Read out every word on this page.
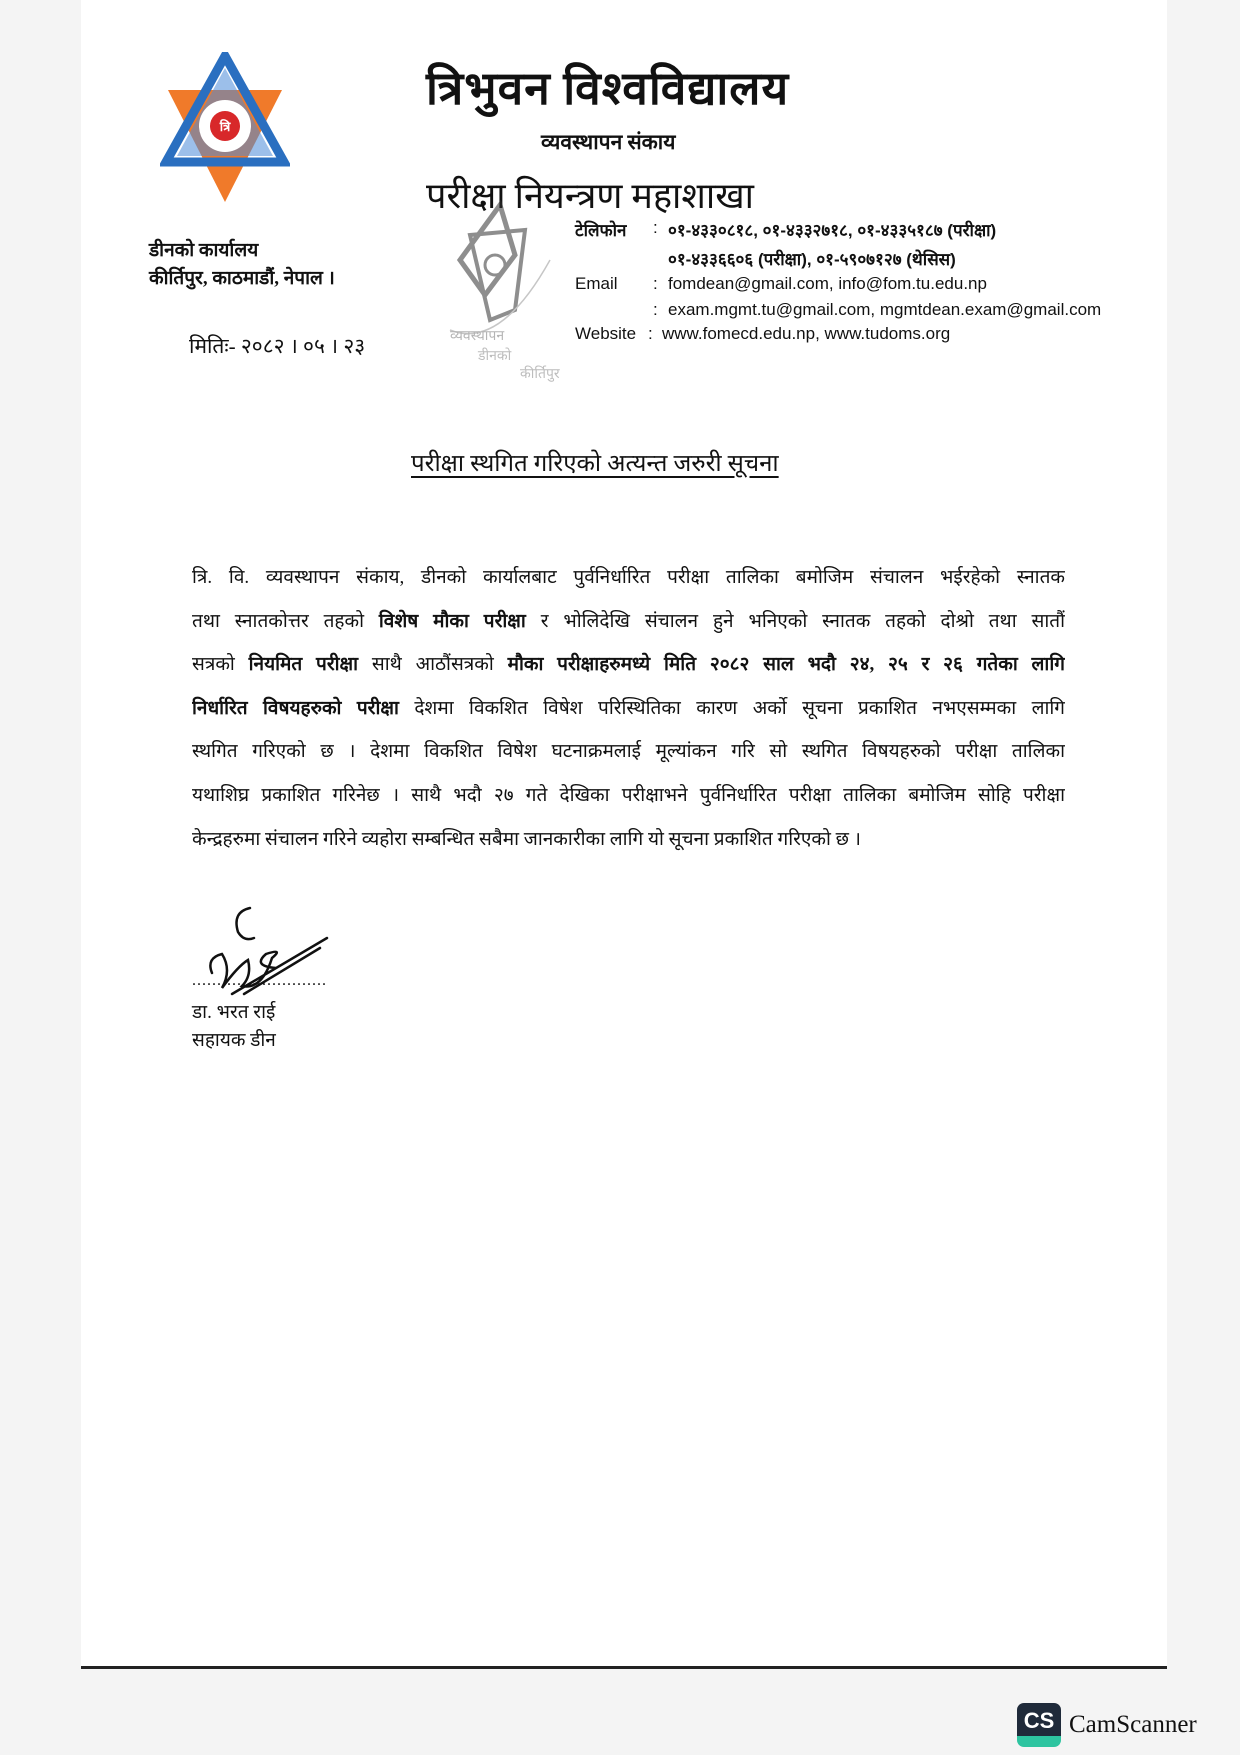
त्रि
त्रिभुवन विश्वविद्यालय
व्यवस्थापन संकाय
परीक्षा नियन्त्रण महाशाखा
व्यवस्थापन
डीनको
कीर्तिपुर
डीनको कार्यालय
कीर्तिपुर, काठमाडौं, नेपाल ।
मितिः- २०८२ । ०५ । २३
टेलिफोन : ०१-४३३०८१८, ०१-४३३२७१८, ०१-४३३५१८७ (परीक्षा)
०१-४३३६६०६ (परीक्षा), ०१-५९०७१२७ (थेसिस)
Email : fomdean@gmail.com, info@fom.tu.edu.np
: exam.mgmt.tu@gmail.com, mgmtdean.exam@gmail.com
Website : www.fomecd.edu.np, www.tudoms.org
परीक्षा स्थगित गरिएको अत्यन्त जरुरी सूचना
त्रि. वि. व्यवस्थापन संकाय, डीनको कार्यालबाट पुर्वनिर्धारित परीक्षा तालिका बमोजिम संचालन भईरहेको स्नातक
तथा स्नातकोत्तर तहको विशेष मौका परीक्षा र भोलिदेखि संचालन हुने भनिएको स्नातक तहको दोश्रो तथा सातौं
सत्रको नियमित परीक्षा साथै आठौंसत्रको मौका परीक्षाहरुमध्ये मिति २०८२ साल भदौ २४, २५ र २६ गतेका लागि
निर्धारित विषयहरुको परीक्षा देशमा विकशित विषेश परिस्थितिका कारण अर्को सूचना प्रकाशित नभएसम्मका लागि
स्थगित गरिएको छ । देशमा विकशित विषेश घटनाक्रमलाई मूल्यांकन गरि सो स्थगित विषयहरुको परीक्षा तालिका
यथाशिघ्र प्रकाशित गरिनेछ । साथै भदौ २७ गते देखिका परीक्षाभने पुर्वनिर्धारित परीक्षा तालिका बमोजिम सोहि परीक्षा
केन्द्रहरुमा संचालन गरिने व्यहोरा सम्बन्धित सबैमा जानकारीका लागि यो सूचना प्रकाशित गरिएको छ ।
...........................
डा. भरत राई
सहायक डीन
CS CamScanner
